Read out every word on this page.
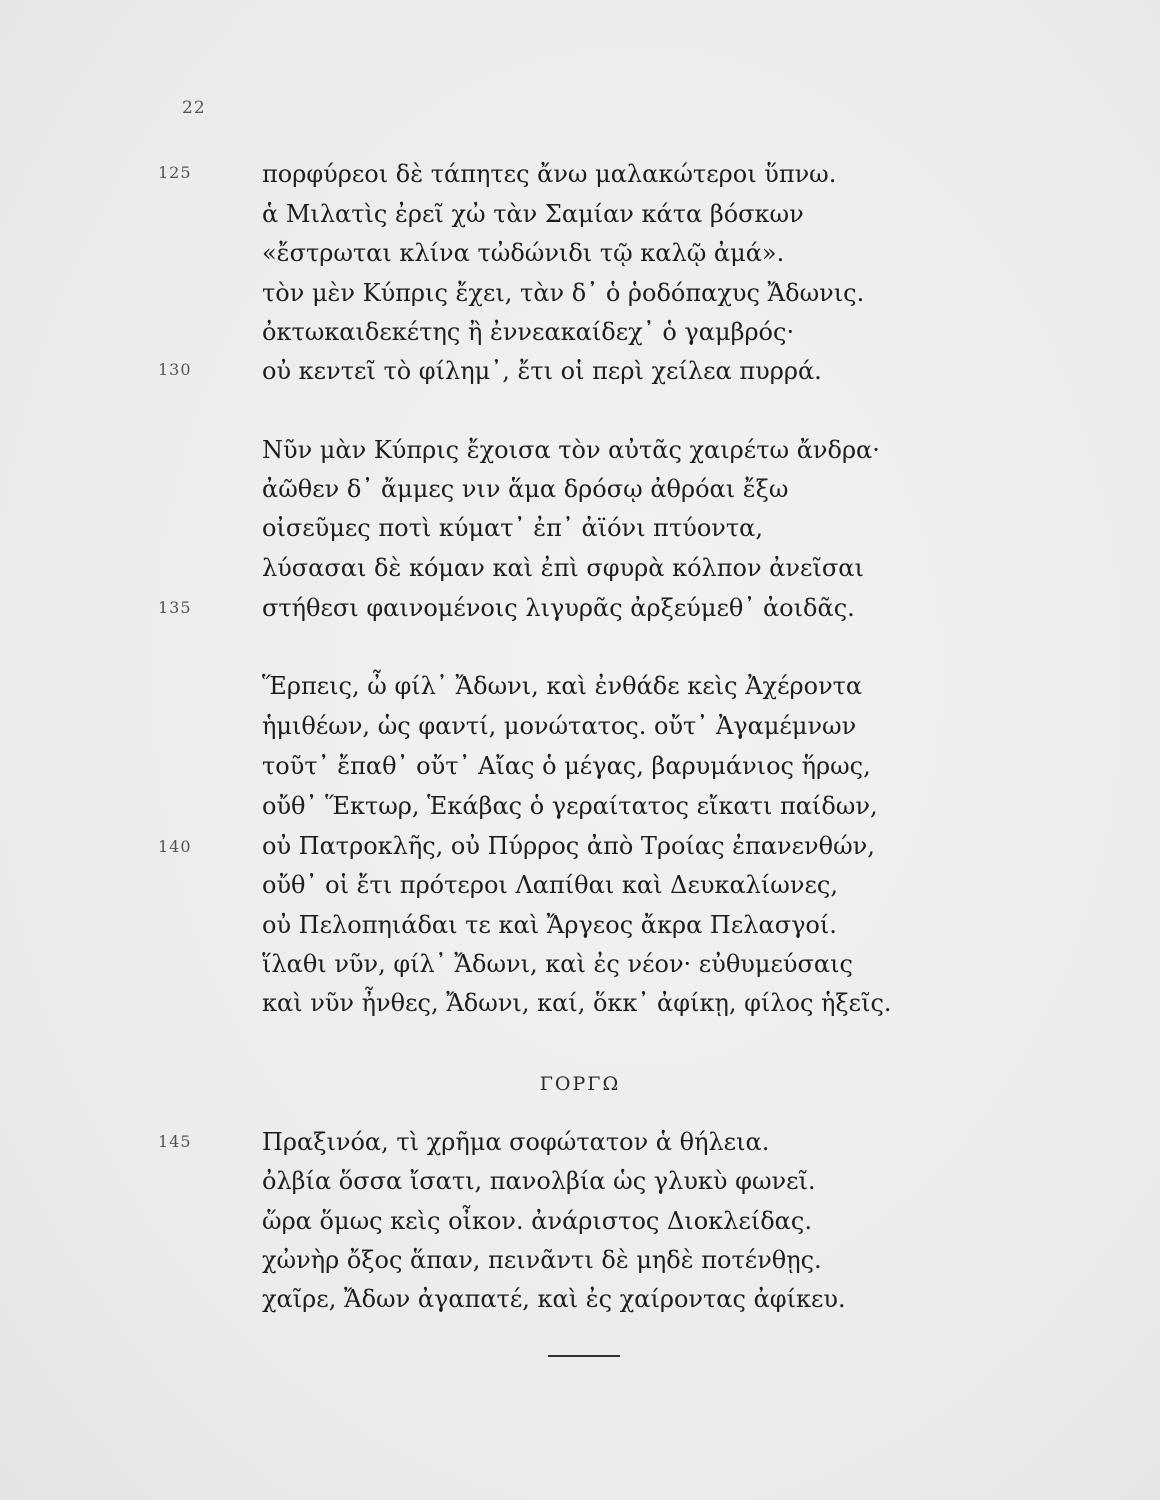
22
125
130
135
140
145
πορφύρεοι δὲ τάπητες ἄνω μαλακώτεροι ὕπνω.
ἁ Μιλατὶς ἐρεῖ χὠ τὰν Σαμίαν κάτα βόσκων
«ἔστρωται κλίνα τὠδώνιδι τῷ καλῷ ἀμά».
τὸν μὲν Κύπρις ἔχει, τὰν δ᾽ ὁ ῥοδόπαχυς Ἄδωνις.
ὀκτωκαιδεκέτης ἢ ἐννεακαίδεχ᾽ ὁ γαμβρός·
οὐ κεντεῖ τὸ φίλημ᾽, ἔτι οἱ περὶ χείλεα πυρρά.
Νῦν μὰν Κύπρις ἔχοισα τὸν αὐτᾶς χαιρέτω ἄνδρα·
ἀῶθεν δ᾽ ἄμμες νιν ἅμα δρόσῳ ἀθρόαι ἔξω
οἰσεῦμες ποτὶ κύματ᾽ ἐπ᾽ ἀϊόνι πτύοντα,
λύσασαι δὲ κόμαν καὶ ἐπὶ σφυρὰ κόλπον ἀνεῖσαι
στήθεσι φαινομένοις λιγυρᾶς ἀρξεύμεθ᾽ ἀοιδᾶς.
Ἕρπεις, ὦ φίλ᾽ Ἄδωνι, καὶ ἐνθάδε κεὶς Ἀχέροντα
ἡμιθέων, ὡς φαντί, μονώτατος. οὔτ᾽ Ἀγαμέμνων
τοῦτ᾽ ἔπαθ᾽ οὔτ᾽ Αἴας ὁ μέγας, βαρυμάνιος ἥρως,
οὔθ᾽ Ἕκτωρ, Ἑκάβας ὁ γεραίτατος εἴκατι παίδων,
οὐ Πατροκλῆς, οὐ Πύρρος ἀπὸ Τροίας ἐπανενθών,
οὔθ᾽ οἱ ἔτι πρότεροι Λαπίθαι καὶ Δευκαλίωνες,
οὐ Πελοπηιάδαι τε καὶ Ἄργεος ἄκρα Πελασγοί.
ἵλαθι νῦν, φίλ᾽ Ἄδωνι, καὶ ἐς νέον· εὐθυμεύσαις
καὶ νῦν ἦνθες, Ἄδωνι, καί, ὅκκ᾽ ἀφίκῃ, φίλος ἡξεῖς.
ΓΟΡΓΩ
Πραξινόα, τὶ χρῆμα σοφώτατον ἁ θήλεια.
ὀλβία ὅσσα ἴσατι, πανολβία ὡς γλυκὺ φωνεῖ.
ὥρα ὅμως κεὶς οἶκον. ἀνάριστος Διοκλείδας.
χὠνὴρ ὄξος ἅπαν, πεινᾶντι δὲ μηδὲ ποτένθῃς.
χαῖρε, Ἄδων ἀγαπατέ, καὶ ἐς χαίροντας ἀφίκευ.
